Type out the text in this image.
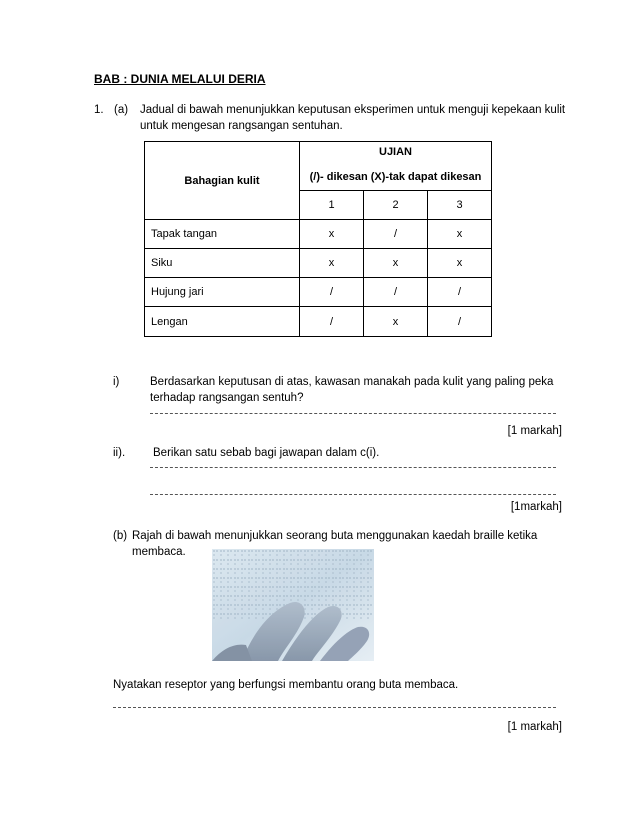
BAB : DUNIA MELALUI DERIA
1. (a) Jadual di bawah menunjukkan keputusan eksperimen untuk menguji kepekaan kulit
untuk mengesan rangsangan sentuhan.
Bahagian kulit	UJIAN
(/)- dikesan (X)-tak dapat dikesan		

	1	2	3
Tapak tangan	x	/	x
Siku	x	x	x
Hujung jari	/	/	/
Lengan	/	x	/
i)	Berdasarkan keputusan di atas, kawasan manakah pada kulit yang paling peka
terhadap rangsangan sentuh?
[1 markah]
ii). Berikan satu sebab bagi jawapan dalam c(i).
[1markah]
(b) Rajah di bawah menunjukkan seorang buta menggunakan kaedah braille ketika
membaca.
Nyatakan reseptor yang berfungsi membantu orang buta membaca.
[1 markah]
